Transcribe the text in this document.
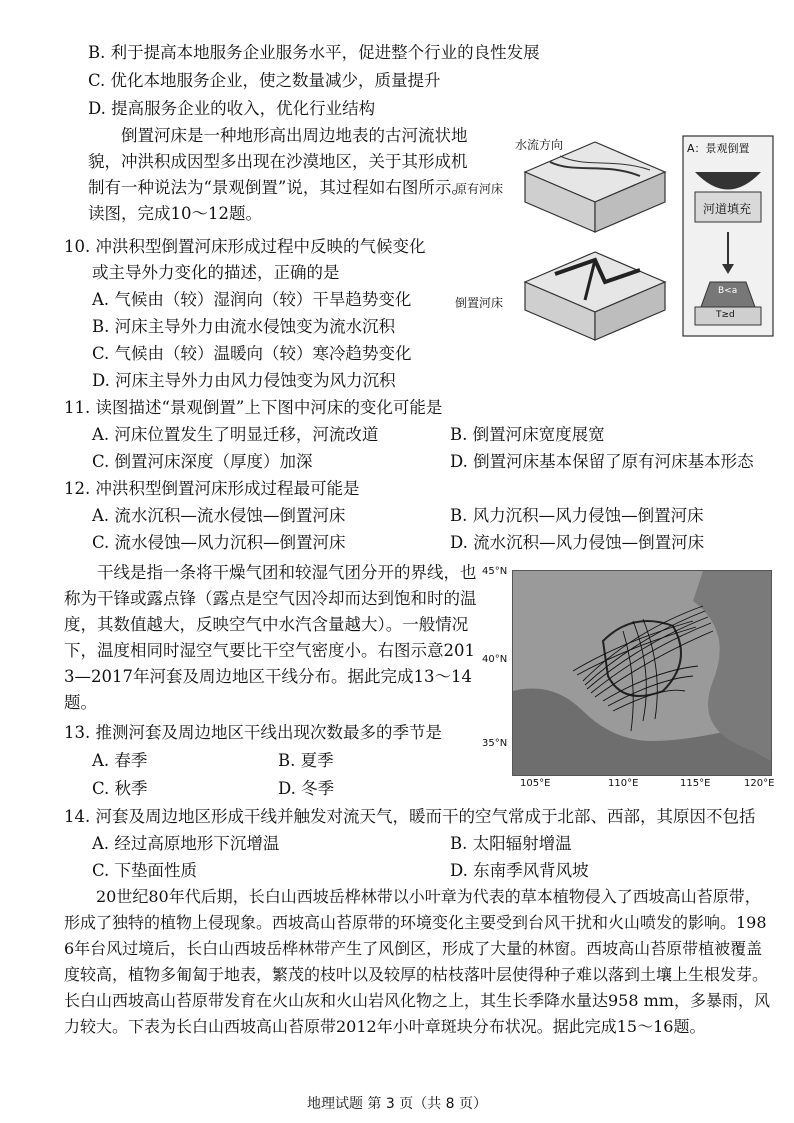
B. 利于提高本地服务企业服务水平，促进整个行业的良性发展
C. 优化本地服务企业，使之数量减少，质量提升
D. 提高服务企业的收入，优化行业结构
倒置河床是一种地形高出周边地表的古河流状地貌，冲洪积成因型多出现在沙漠地区，关于其形成机制有一种说法为“景观倒置”说，其过程如右图所示。读图，完成10～12题。
水流方向
原有河床
倒置河床
A：景观倒置
河道填充
B<a
T≥d
10. 冲洪积型倒置河床形成过程中反映的气候变化
或主导外力变化的描述，正确的是
A. 气候由（较）湿润向（较）干旱趋势变化
B. 河床主导外力由流水侵蚀变为流水沉积
C. 气候由（较）温暖向（较）寒冷趋势变化
D. 河床主导外力由风力侵蚀变为风力沉积
11. 读图描述“景观倒置”上下图中河床的变化可能是
A. 河床位置发生了明显迁移，河流改道	B. 倒置河床宽度展宽
C. 倒置河床深度（厚度）加深	D. 倒置河床基本保留了原有河床基本形态
12. 冲洪积型倒置河床形成过程最可能是
A. 流水沉积—流水侵蚀—倒置河床	B. 风力沉积—风力侵蚀—倒置河床
C. 流水侵蚀—风力沉积—倒置河床	D. 流水沉积—风力侵蚀—倒置河床
干线是指一条将干燥气团和较湿气团分开的界线，也称为干锋或露点锋（露点是空气因冷却而达到饱和时的温度，其数值越大，反映空气中水汽含量越大）。一般情况下，温度相同时湿空气要比干空气密度小。右图示意2013—2017年河套及周边地区干线分布。据此完成13～14题。
45°N
40°N
35°N
105°E	110°E	115°E	120°E
13. 推测河套及周边地区干线出现次数最多的季节是
A. 春季	B. 夏季
C. 秋季	D. 冬季
14. 河套及周边地区形成干线并触发对流天气，暖而干的空气常成于北部、西部，其原因不包括
A. 经过高原地形下沉增温	B. 太阳辐射增温
C. 下垫面性质	D. 东南季风背风坡
20世纪80年代后期，长白山西坡岳桦林带以小叶章为代表的草本植物侵入了西坡高山苔原带，形成了独特的植物上侵现象。西坡高山苔原带的环境变化主要受到台风干扰和火山喷发的影响。1986年台风过境后，长白山西坡岳桦林带产生了风倒区，形成了大量的林窗。西坡高山苔原带植被覆盖度较高，植物多匍匐于地表，繁茂的枝叶以及较厚的枯枝落叶层使得种子难以落到土壤上生根发芽。长白山西坡高山苔原带发育在火山灰和火山岩风化物之上，其生长季降水量达958 mm，多暴雨，风力较大。下表为长白山西坡高山苔原带2012年小叶章斑块分布状况。据此完成15～16题。
地理试题 第 3 页（共 8 页）
